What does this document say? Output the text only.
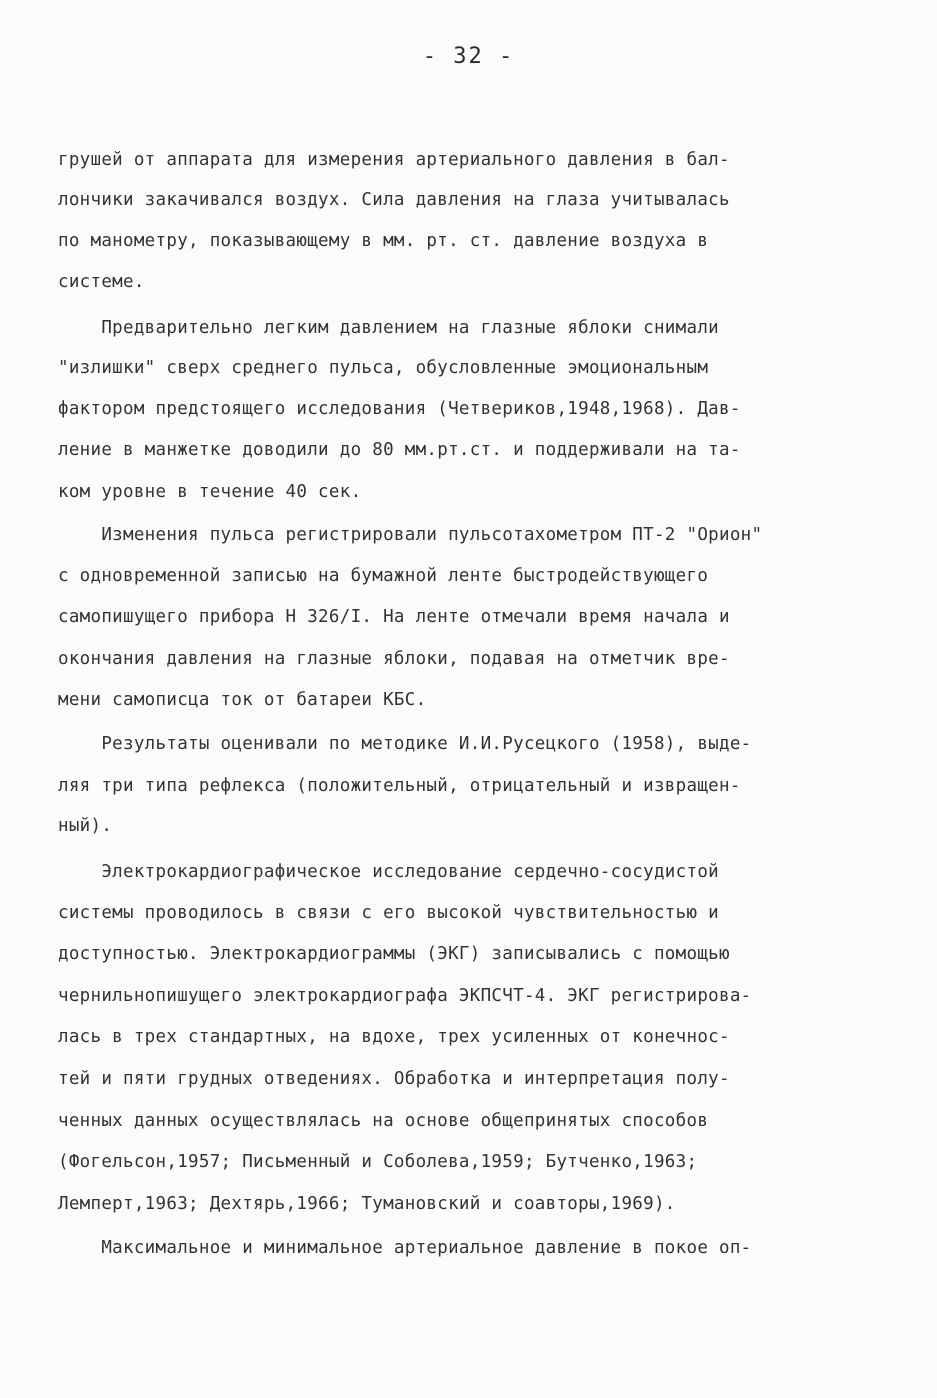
- 32 -
грушей от аппарата для измерения артериального давления в бал-
лончики закачивался воздух. Сила давления на глаза учитывалась
по манометру, показывающему в мм. рт. ст. давление воздуха в
системе.
Предварительно легким давлением на глазные яблоки снимали
"излишки" сверх среднего пульса, обусловленные эмоциональным
фактором предстоящего исследования (Четвериков,1948,1968). Дав-
ление в манжетке доводили до 80 мм.рт.ст. и поддерживали на та-
ком уровне в течение 40 сек.
Изменения пульса регистрировали пульсотахометром ПТ-2 "Орион"
с одновременной записью на бумажной ленте быстродействующего
самопишущего прибора Н 326/I. На ленте отмечали время начала и
окончания давления на глазные яблоки, подавая на отметчик вре-
мени самописца ток от батареи КБС.
Результаты оценивали по методике И.И.Русецкого (1958), выде-
ляя три типа рефлекса (положительный, отрицательный и извращен-
ный).
Электрокардиографическое исследование сердечно-сосудистой
системы проводилось в связи с его высокой чувствительностью и
доступностью. Электрокардиограммы (ЭКГ) записывались с помощью
чернильнопишущего электрокардиографа ЭКПСЧТ-4. ЭКГ регистрирова-
лась в трех стандартных, на вдохе, трех усиленных от конечнос-
тей и пяти грудных отведениях. Обработка и интерпретация полу-
ченных данных осуществлялась на основе общепринятых способов
(Фогельсон,1957; Письменный и Соболева,1959; Бутченко,1963;
Лемперт,1963; Дехтярь,1966; Тумановский и соавторы,1969).
Максимальное и минимальное артериальное давление в покое оп-
